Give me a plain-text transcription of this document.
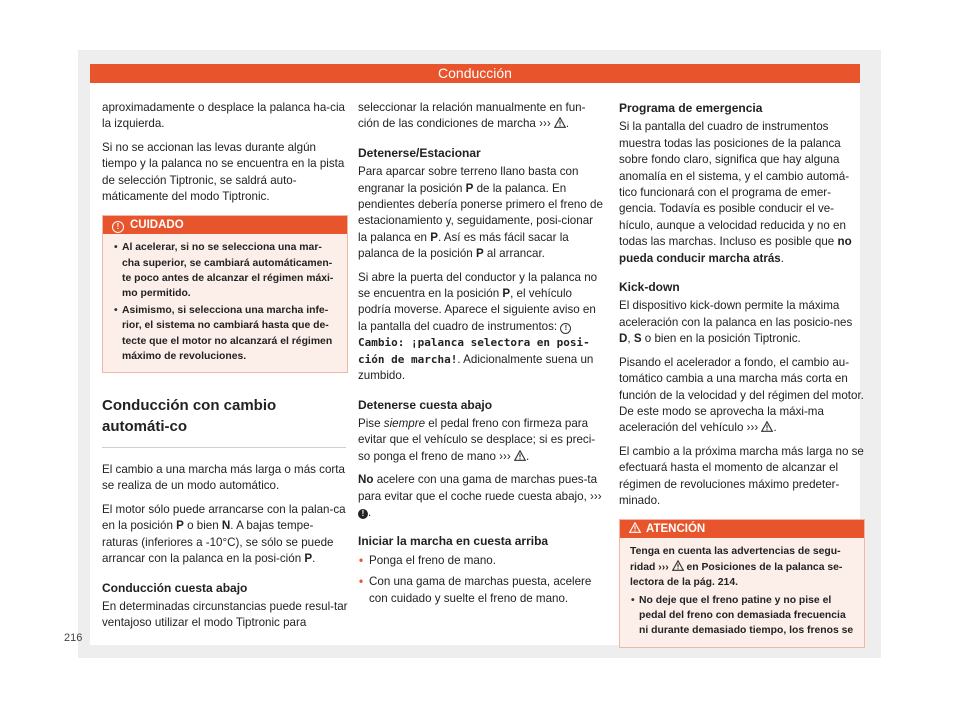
Conducción

aproximadamente o desplace la palanca ha-cia la izquierda.

Si no se accionan las levas durante algún tiempo y la palanca no se encuentra en la pista de selección Tiptronic, se saldrá auto-máticamente del modo Tiptronic.

! CUIDADO
• Al acelerar, si no se selecciona una mar-cha superior, se cambiará automáticamen-te poco antes de alcanzar el régimen máxi-mo permitido.
• Asimismo, si selecciona una marcha infe-rior, el sistema no cambiará hasta que de-tecte que el motor no alcanzará el régimen máximo de revoluciones.
Conducción con cambio automáti-co

El cambio a una marcha más larga o más corta se realiza de un modo automático.

El motor sólo puede arrancarse con la palan-ca en la posición P o bien N. A bajas tempe-raturas (inferiores a -10°C), se sólo se puede arrancar con la palanca en la posi-ción P.

Conducción cuesta abajo

En determinadas circunstancias puede resul-tar ventajoso utilizar el modo Tiptronic para

seleccionar la relación manualmente en fun-ción de las condiciones de marcha ››› .

Detenerse/Estacionar

Para aparcar sobre terreno llano basta con engranar la posición P de la palanca. En pendientes debería ponerse primero el freno de estacionamiento y, seguidamente, posi-cionar la palanca en P. Así es más fácil sacar la palanca de la posición P al arrancar.

Si abre la puerta del conductor y la palanca no se encuentra en la posición P, el vehículo podría moverse. Aparece el siguiente aviso en la pantalla del cuadro de instrumentos: ! Cambio: ¡palanca selectora en posi-ción de marcha!. Adicionalmente suena un zumbido.

Detenerse cuesta abajo

Pise siempre el pedal freno con firmeza para evitar que el vehículo se desplace; si es preci-so ponga el freno de mano ››› .

No acelere con una gama de marchas pues-ta para evitar que el coche ruede cuesta abajo, ››› ! .

Iniciar la marcha en cuesta arriba
• Ponga el freno de mano.
• Con una gama de marchas puesta, acelere con cuidado y suelte el freno de mano.
Programa de emergencia

Si la pantalla del cuadro de instrumentos muestra todas las posiciones de la palanca sobre fondo claro, significa que hay alguna anomalía en el sistema, y el cambio automá-tico funcionará con el programa de emer-gencia. Todavía es posible conducir el ve-hículo, aunque a velocidad reducida y no en todas las marchas. Incluso es posible que no pueda conducir marcha atrás.

Kick-down

El dispositivo kick-down permite la máxima aceleración con la palanca en las posicio-nes D, S o bien en la posición Tiptronic.

Pisando el acelerador a fondo, el cambio au-tomático cambia a una marcha más corta en función de la velocidad y del régimen del motor. De este modo se aprovecha la máxi-ma aceleración del vehículo ››› .

El cambio a la próxima marcha más larga no se efectuará hasta el momento de alcanzar el régimen de revoluciones máximo predeter-minado.

ATENCIÓN
Tenga en cuenta las advertencias de segu-ridad ›››  en Posiciones de la palanca se-lectora de la pág. 214.
• No deje que el freno patine y no pise el pedal del freno con demasiada frecuencia ni durante demasiado tiempo, los frenos se
216
